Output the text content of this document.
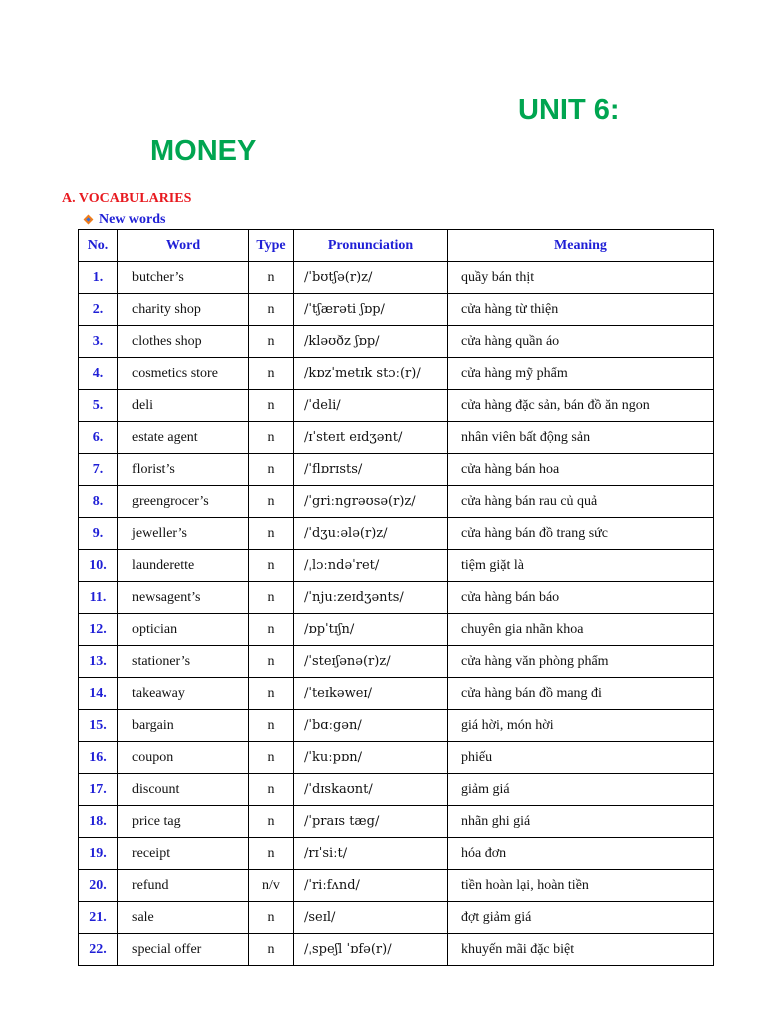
UNIT 6:
MONEY
A. VOCABULARIES
New words
No.	Word	Type	Pronunciation	Meaning
1.	butcher’s	n	/ˈbʊtʃə(r)z/	quầy bán thịt
2.	charity shop	n	/ˈtʃærəti ʃɒp/	cửa hàng từ thiện
3.	clothes shop	n	/kləʊðz ʃɒp/	cửa hàng quần áo
4.	cosmetics store	n	/kɒzˈmetɪk stɔː(r)/	cửa hàng mỹ phẩm
5.	deli	n	/ˈdeli/	cửa hàng đặc sản, bán đồ ăn ngon
6.	estate agent	n	/ɪˈsteɪt eɪdʒənt/	nhân viên bất động sản
7.	florist’s	n	/ˈflɒrɪsts/	cửa hàng bán hoa
8.	greengrocer’s	n	/ˈgriːngrəʊsə(r)z/	cửa hàng bán rau củ quả
9.	jeweller’s	n	/ˈdʒuːələ(r)z/	cửa hàng bán đồ trang sức
10.	launderette	n	/ˌlɔːndəˈret/	tiệm giặt là
11.	newsagent’s	n	/ˈnjuːzeɪdʒənts/	cửa hàng bán báo
12.	optician	n	/ɒpˈtɪʃn/	chuyên gia nhãn khoa
13.	stationer’s	n	/ˈsteɪʃənə(r)z/	cửa hàng văn phòng phẩm
14.	takeaway	n	/ˈteɪkəweɪ/	cửa hàng bán đồ mang đi
15.	bargain	n	/ˈbɑːgən/	giá hời, món hời
16.	coupon	n	/ˈkuːpɒn/	phiếu
17.	discount	n	/ˈdɪskaʊnt/	giảm giá
18.	price tag	n	/ˈpraɪs tæg/	nhãn ghi giá
19.	receipt	n	/rɪˈsiːt/	hóa đơn
20.	refund	n/v	/ˈriːfʌnd/	tiền hoàn lại, hoàn tiền
21.	sale	n	/seɪl/	đợt giảm giá
22.	special offer	n	/ˌspeʃl ˈɒfə(r)/	khuyến mãi đặc biệt
